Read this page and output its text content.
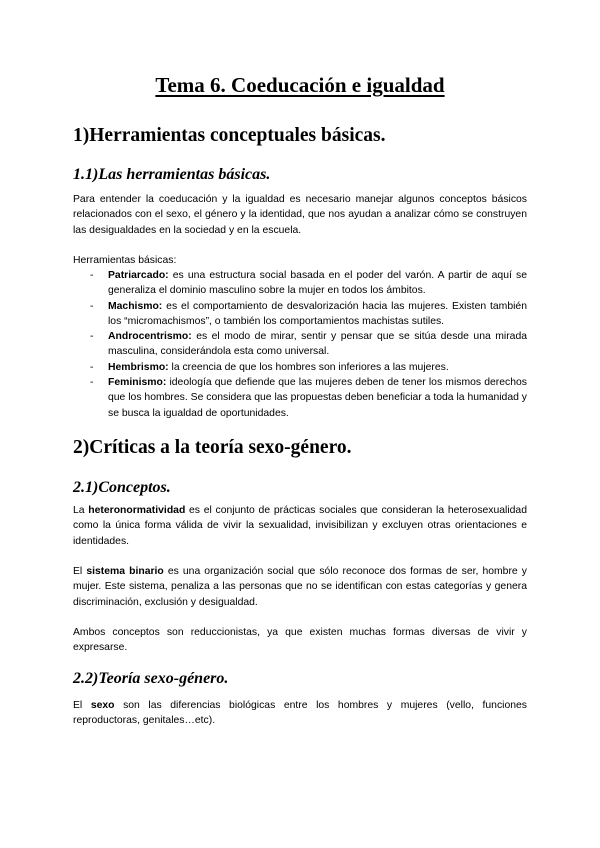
Tema 6. Coeducación e igualdad
1)Herramientas conceptuales básicas.
1.1)Las herramientas básicas.

Para entender la coeducación y la igualdad es necesario manejar algunos conceptos básicos relacionados con el sexo, el género y la identidad, que nos ayudan a analizar cómo se construyen las desigualdades en la sociedad y en la escuela.

Herramientas básicas:

- Patriarcado: es una estructura social basada en el poder del varón. A partir de aquí se generaliza el dominio masculino sobre la mujer en todos los ámbitos.
- Machismo: es el comportamiento de desvalorización hacia las mujeres. Existen también los “micromachismos”, o también los comportamientos machistas sutiles.
- Androcentrismo: es el modo de mirar, sentir y pensar que se sitúa desde una mirada masculina, considerándola esta como universal.
- Hembrismo: la creencia de que los hombres son inferiores a las mujeres.
- Feminismo: ideología que defiende que las mujeres deben de tener los mismos derechos que los hombres. Se considera que las propuestas deben beneficiar a toda la humanidad y se busca la igualdad de oportunidades.
2)Críticas a la teoría sexo-género.
2.1)Conceptos.

La heteronormatividad es el conjunto de prácticas sociales que consideran la heterosexualidad como la única forma válida de vivir la sexualidad, invisibilizan y excluyen otras orientaciones e identidades.

El sistema binario es una organización social que sólo reconoce dos formas de ser, hombre y mujer. Este sistema, penaliza a las personas que no se identifican con estas categorías y genera discriminación, exclusión y desigualdad.

Ambos conceptos son reduccionistas, ya que existen muchas formas diversas de vivir y expresarse.

2.2)Teoría sexo-género.

El sexo son las diferencias biológicas entre los hombres y mujeres (vello, funciones reproductoras, genitales…etc).
